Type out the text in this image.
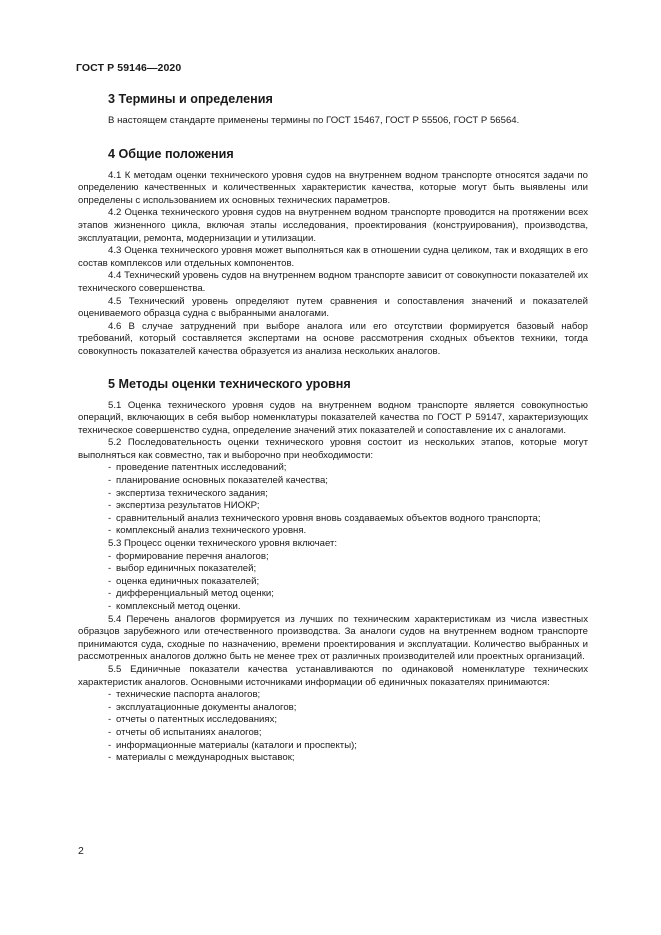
ГОСТ Р 59146—2020
3 Термины и определения

В настоящем стандарте применены термины по ГОСТ 15467, ГОСТ Р 55506, ГОСТ Р 56564.

4 Общие положения

4.1 К методам оценки технического уровня судов на внутреннем водном транспорте относятся задачи по определению качественных и количественных характеристик качества, которые могут быть выявлены или определены с использованием их основных технических параметров.

4.2 Оценка технического уровня судов на внутреннем водном транспорте проводится на протяжении всех этапов жизненного цикла, включая этапы исследования, проектирования (конструирования), производства, эксплуатации, ремонта, модернизации и утилизации.

4.3 Оценка технического уровня может выполняться как в отношении судна целиком, так и входящих в его состав комплексов или отдельных компонентов.

4.4 Технический уровень судов на внутреннем водном транспорте зависит от совокупности показателей их технического совершенства.

4.5 Технический уровень определяют путем сравнения и сопоставления значений и показателей оцениваемого образца судна с выбранными аналогами.

4.6 В случае затруднений при выборе аналога или его отсутствии формируется базовый набор требований, который составляется экспертами на основе рассмотрения сходных объектов техники, тогда совокупность показателей качества образуется из анализа нескольких аналогов.

5 Методы оценки технического уровня

5.1 Оценка технического уровня судов на внутреннем водном транспорте является совокупностью операций, включающих в себя выбор номенклатуры показателей качества по ГОСТ Р 59147, характеризующих техническое совершенство судна, определение значений этих показателей и сопоставление их с аналогами.

5.2 Последовательность оценки технического уровня состоит из нескольких этапов, которые могут выполняться как совместно, так и выборочно при необходимости:

- проведение патентных исследований;
- планирование основных показателей качества;
- экспертиза технического задания;
- экспертиза результатов НИОКР;
- сравнительный анализ технического уровня вновь создаваемых объектов водного транспорта;
- комплексный анализ технического уровня.

5.3 Процесс оценки технического уровня включает:

- формирование перечня аналогов;
- выбор единичных показателей;
- оценка единичных показателей;
- дифференциальный метод оценки;
- комплексный метод оценки.

5.4 Перечень аналогов формируется из лучших по техническим характеристикам из числа известных образцов зарубежного или отечественного производства. За аналоги судов на внутреннем водном транспорте принимаются суда, сходные по назначению, времени проектирования и эксплуатации. Количество выбранных и рассмотренных аналогов должно быть не менее трех от различных производителей или проектных организаций.

5.5 Единичные показатели качества устанавливаются по одинаковой номенклатуре технических характеристик аналогов. Основными источниками информации об единичных показателях принимаются:

- технические паспорта аналогов;
- эксплуатационные документы аналогов;
- отчеты о патентных исследованиях;
- отчеты об испытаниях аналогов;
- информационные материалы (каталоги и проспекты);
- материалы с международных выставок;
2
